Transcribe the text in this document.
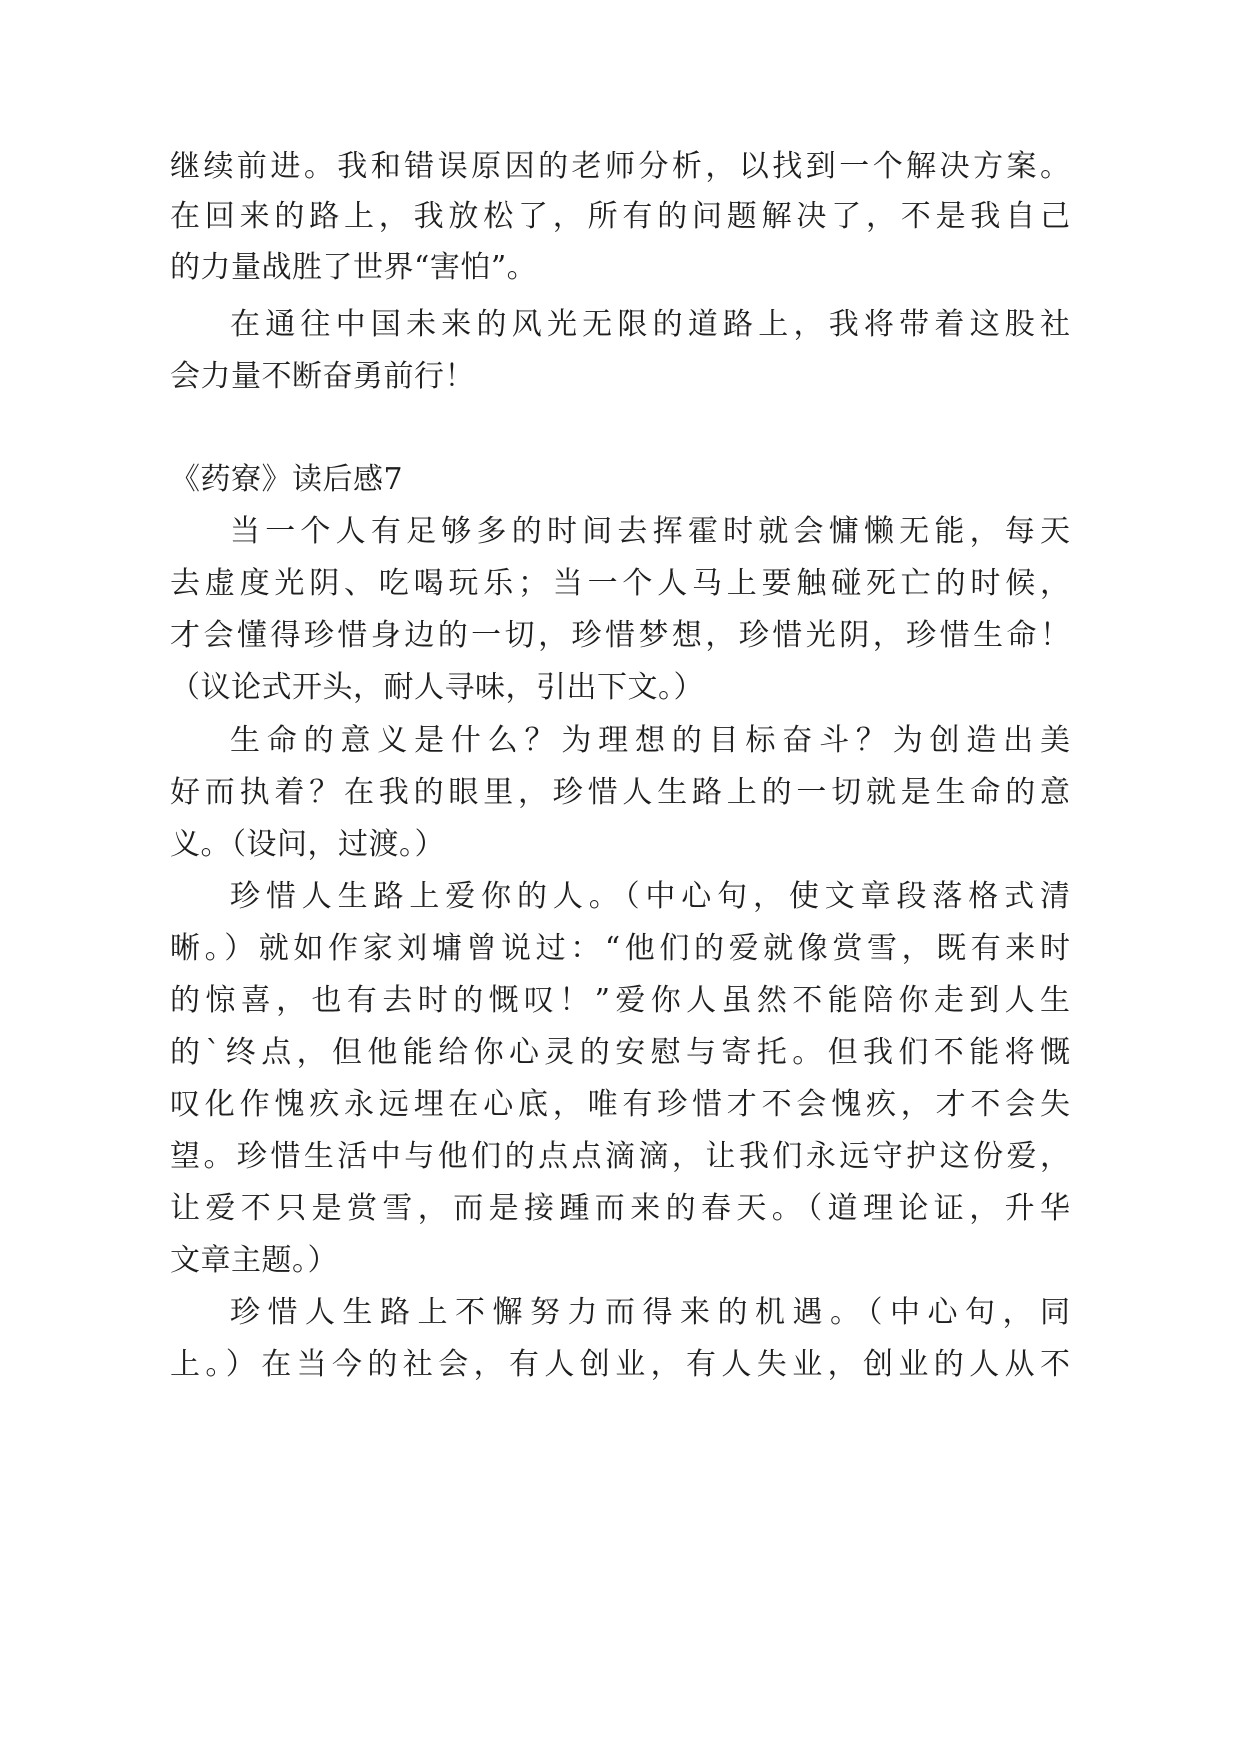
继续前进。我和错误原因的老师分析，以找到一个解决方案。

在回来的路上，我放松了，所有的问题解决了，不是我自己

的力量战胜了世界“害怕”。

在通往中国未来的风光无限的道路上，我将带着这股社

会力量不断奋勇前行！

《药寮》读后感7

当一个人有足够多的时间去挥霍时就会慵懒无能，每天

去虚度光阴、吃喝玩乐；当一个人马上要触碰死亡的时候，

才会懂得珍惜身边的一切，珍惜梦想，珍惜光阴，珍惜生命！

（议论式开头，耐人寻味，引出下文。）

生命的意义是什么？为理想的目标奋斗？为创造出美

好而执着？在我的眼里，珍惜人生路上的一切就是生命的意

义。（设问，过渡。）

珍惜人生路上爱你的人。（中心句，使文章段落格式清

晰。）就如作家刘墉曾说过：“他们的爱就像赏雪，既有来时

的惊喜，也有去时的慨叹！”爱你人虽然不能陪你走到人生

的`终点，但他能给你心灵的安慰与寄托。但我们不能将慨

叹化作愧疚永远埋在心底，唯有珍惜才不会愧疚，才不会失

望。珍惜生活中与他们的点点滴滴，让我们永远守护这份爱，

让爱不只是赏雪，而是接踵而来的春天。（道理论证，升华

文章主题。）

珍惜人生路上不懈努力而得来的机遇。（中心句，同

上。）在当今的社会，有人创业，有人失业，创业的人从不
